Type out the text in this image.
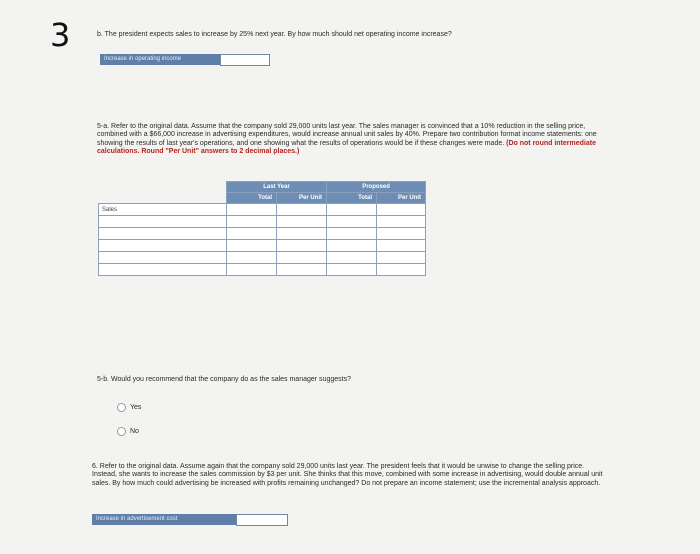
3	b. The president expects sales to increase by 25% next year. By how much should net operating income increase?
Increase in operating income
5-a. Refer to the original data. Assume that the company sold 29,000 units last year. The sales manager is convinced that a 10% reduction in the selling price, combined with a $66,000 increase in advertising expenditures, would increase annual unit sales by 40%. Prepare two contribution format income statements: one showing the results of last year's operations, and one showing what the results of operations would be if these changes were made. (Do not round intermediate calculations. Round "Per Unit" answers to 2 decimal places.)
	Last Year		Proposed	
	Total	Per Unit	Total	Per Unit
Sales				

5-b. Would you recommend that the company do as the sales manager suggests?
Yes
No
6. Refer to the original data. Assume again that the company sold 29,000 units last year. The president feels that it would be unwise to change the selling price. Instead, she wants to increase the sales commission by $3 per unit. She thinks that this move, combined with some increase in advertising, would double annual unit sales. By how much could advertising be increased with profits remaining unchanged? Do not prepare an income statement; use the incremental analysis approach.
Increase in advertisement cost
